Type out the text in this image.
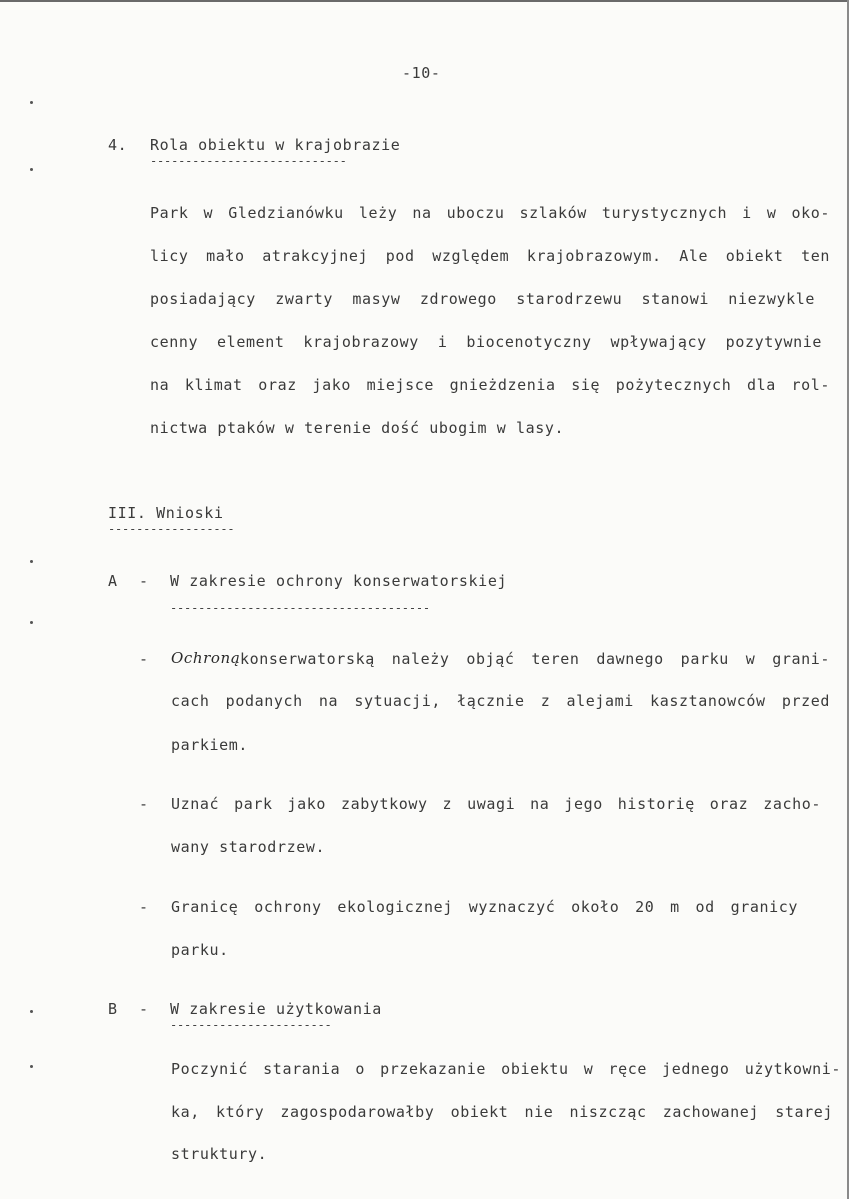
-10-
4. Rola obiektu w krajobrazie
----------------------------
Park w Gledzianówku leży na uboczu szlaków turystycznych i w oko-
licy mało atrakcyjnej pod względem krajobrazowym. Ale obiekt ten
posiadający zwarty masyw zdrowego starodrzewu stanowi niezwykle
cenny element krajobrazowy i biocenotyczny wpływający pozytywnie
na klimat oraz jako miejsce gnieżdzenia się pożytecznych dla rol-
nictwa ptaków w terenie dość ubogim w lasy.
III. Wnioski
------------------
A - W zakresie ochrony konserwatorskiej
-------------------------------------
- Ochroną konserwatorską należy objąć teren dawnego parku w grani-
cach podanych na sytuacji, łącznie z alejami kasztanowców przed
parkiem.
- Uznać park jako zabytkowy z uwagi na jego historię oraz zacho-
wany starodrzew.
- Granicę ochrony ekologicznej wyznaczyć około 20 m od granicy
parku.
B - W zakresie użytkowania
-----------------------
Poczynić starania o przekazanie obiektu w ręce jednego użytkowni-
ka, który zagospodarowałby obiekt nie niszcząc zachowanej starej
struktury.
